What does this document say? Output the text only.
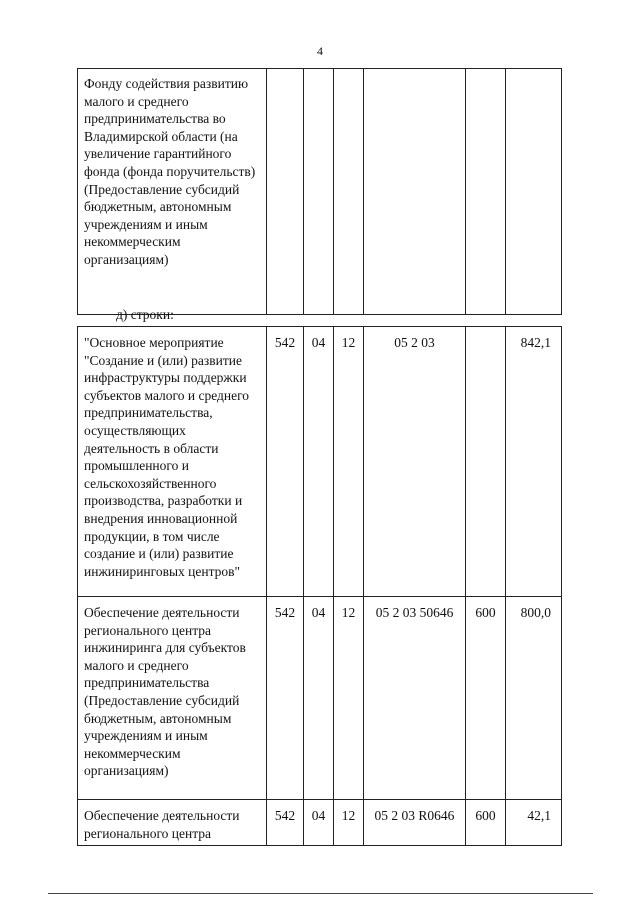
4
Фонду содействия развитию малого и среднего предпринимательства во Владимирской области (на увеличение гарантийного фонда (фонда поручительств) (Предоставление субсидий бюджетным, автономным учреждениям и иным некоммерческим организациям)						
д) строки:
"Основное мероприятие "Создание и (или) развитие инфраструктуры поддержки субъектов малого и среднего предпринимательства, осуществляющих деятельность в области промышленного и сельскохозяйственного производства, разработки и внедрения инновационной продукции, в том числе создание и (или) развитие инжиниринговых центров"	542	04	12	05 2 03		842,1
Обеспечение деятельности регионального центра инжиниринга для субъектов малого и среднего предпринимательства (Предоставление субсидий бюджетным, автономным учреждениям и иным некоммерческим организациям)	542	04	12	05 2 03 50646	600	800,0
Обеспечение деятельности регионального центра	542	04	12	05 2 03 R0646	600	42,1
